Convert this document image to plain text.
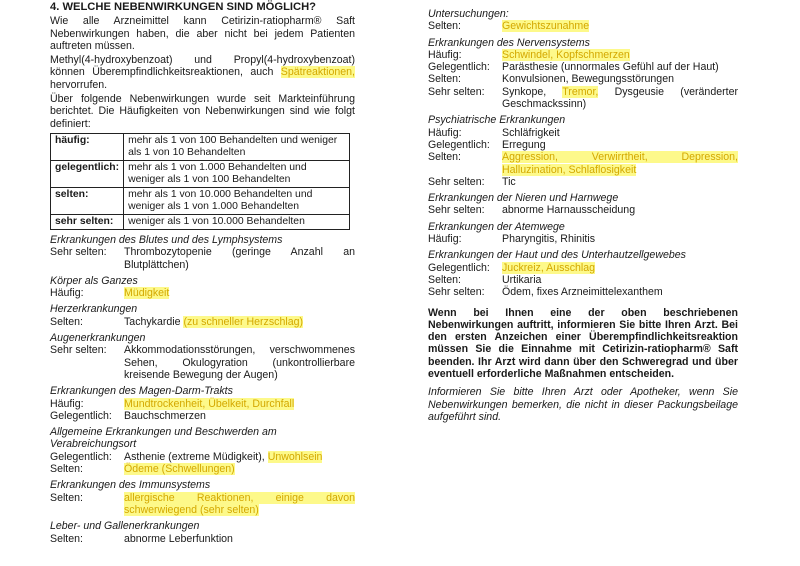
4. WELCHE NEBENWIRKUNGEN SIND MÖGLICH?
Wie alle Arzneimittel kann Cetirizin-ratiopharm® Saft Nebenwirkungen haben, die aber nicht bei jedem Patienten auftreten müssen.
Methyl(4-hydroxybenzoat) und Propyl(4-hydroxybenzoat) können Überempfindlichkeitsreaktionen, auch Spätreaktionen, hervorrufen.
Über folgende Nebenwirkungen wurde seit Markteinführung berichtet. Die Häufigkeiten von Nebenwirkungen sind wie folgt definiert:
häufig:	mehr als 1 von 100 Behandelten und weniger als 1 von 10 Behandelten
gelegentlich:	mehr als 1 von 1.000 Behandelten und weniger als 1 von 100 Behandelten
selten:	mehr als 1 von 10.000 Behandelten und weniger als 1 von 1.000 Behandelten
sehr selten:	weniger als 1 von 10.000 Behandelten
Erkrankungen des Blutes und des Lymphsystems
Sehr selten:	Thrombozytopenie (geringe Anzahl an Blutplättchen)
Körper als Ganzes
Häufig:	Müdigkeit
Herzerkrankungen
Selten:	Tachykardie (zu schneller Herzschlag)
Augenerkrankungen
Sehr selten:	Akkommodationsstörungen, verschwommenes Sehen, Okulogyration (unkontrollierbare kreisende Bewegung der Augen)
Erkrankungen des Magen-Darm-Trakts
Häufig:	Mundtrockenheit, Übelkeit, Durchfall
Gelegentlich:	Bauchschmerzen
Allgemeine Erkrankungen und Beschwerden am Verabreichungsort
Gelegentlich:	Asthenie (extreme Müdigkeit), Unwohlsein
Selten:	Ödeme (Schwellungen)
Erkrankungen des Immunsystems
Selten:	allergische Reaktionen, einige davon schwerwiegend (sehr selten)
Leber- und Gallenerkrankungen
Selten:	abnorme Leberfunktion
Untersuchungen:
Selten:	Gewichtszunahme
Erkrankungen des Nervensystems
Häufig:	Schwindel, Kopfschmerzen
Gelegentlich:	Parästhesie (unnormales Gefühl auf der Haut)
Selten:	Konvulsionen, Bewegungsstörungen
Sehr selten:	Synkope, Tremor, Dysgeusie (veränderter Geschmackssinn)
Psychiatrische Erkrankungen
Häufig:	Schläfrigkeit
Gelegentlich:	Erregung
Selten:	Aggression, Verwirrtheit, Depression, Halluzination, Schlaflosigkeit
Sehr selten:	Tic
Erkrankungen der Nieren und Harnwege
Sehr selten:	abnorme Harnausscheidung
Erkrankungen der Atemwege
Häufig:	Pharyngitis, Rhinitis
Erkrankungen der Haut und des Unterhautzellgewebes
Gelegentlich:	Juckreiz, Ausschlag
Selten:	Urtikaria
Sehr selten:	Ödem, fixes Arzneimittelexanthem
Wenn bei Ihnen eine der oben beschriebenen Nebenwirkungen auftritt, informieren Sie bitte Ihren Arzt. Bei den ersten Anzeichen einer Überempfindlichkeitsreaktion müssen Sie die Einnahme mit Cetirizin-ratiopharm® Saft beenden. Ihr Arzt wird dann über den Schweregrad und über eventuell erforderliche Maßnahmen entscheiden.
Informieren Sie bitte Ihren Arzt oder Apotheker, wenn Sie Nebenwirkungen bemerken, die nicht in dieser Packungsbeilage aufgeführt sind.
